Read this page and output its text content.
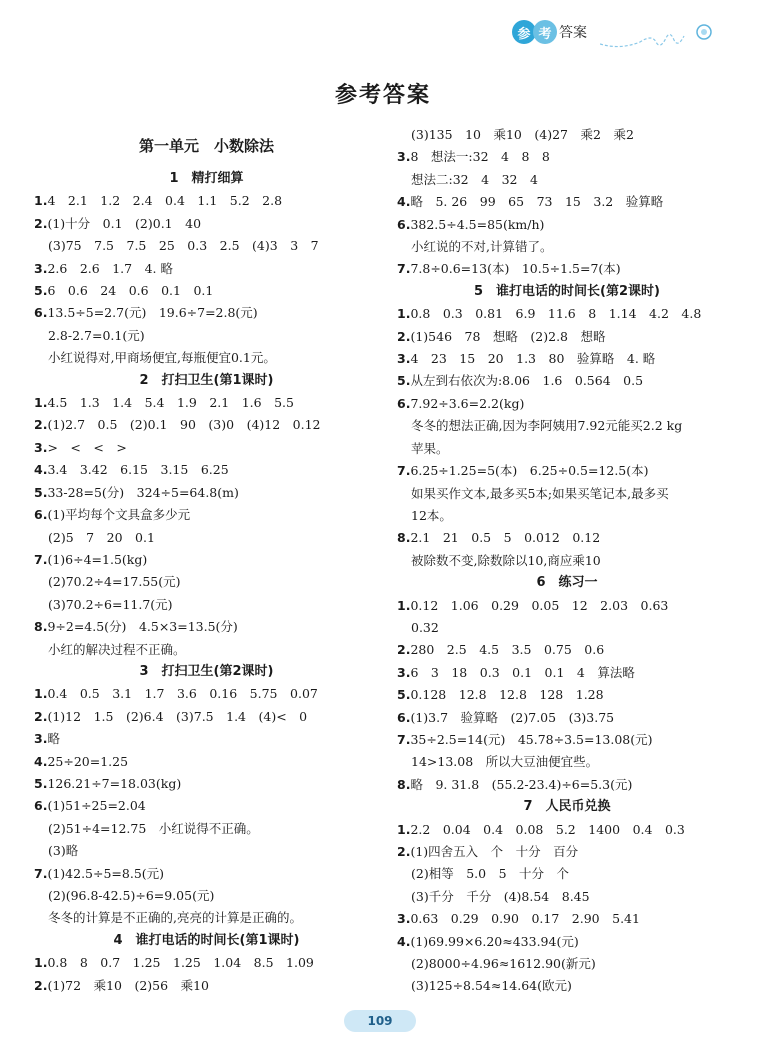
参 考 答案
参考答案
第一单元　小数除法
1　精打细算
1.4　2.1　1.2　2.4　0.4　1.1　5.2　2.8
2.(1)十分　0.1　(2)0.1　40
(3)75　7.5　7.5　25　0.3　2.5　(4)3　3　7
3.2.6　2.6　1.7　4. 略
5.6　0.6　24　0.6　0.1　0.1
6.13.5÷5=2.7(元)　19.6÷7=2.8(元)
2.8-2.7=0.1(元)
小红说得对,甲商场便宜,每瓶便宜0.1元。
2　打扫卫生(第1课时)
1.4.5　1.3　1.4　5.4　1.9　2.1　1.6　5.5
2.(1)2.7　0.5　(2)0.1　90　(3)0　(4)12　0.12
3.>　<　<　>
4.3.4　3.42　6.15　3.15　6.25
5.33-28=5(分)　324÷5=64.8(m)
6.(1)平均每个文具盒多少元
(2)5　7　20　0.1
7.(1)6÷4=1.5(kg)
(2)70.2÷4=17.55(元)
(3)70.2÷6=11.7(元)
8.9÷2=4.5(分)　4.5×3=13.5(分)
小红的解决过程不正确。
3　打扫卫生(第2课时)
1.0.4　0.5　3.1　1.7　3.6　0.16　5.75　0.07
2.(1)12　1.5　(2)6.4　(3)7.5　1.4　(4)<　0
3.略
4.25÷20=1.25
5.126.21÷7=18.03(kg)
6.(1)51÷25=2.04
(2)51÷4=12.75　小红说得不正确。
(3)略
7.(1)42.5÷5=8.5(元)
(2)(96.8-42.5)÷6=9.05(元)
冬冬的计算是不正确的,亮亮的计算是正确的。
4　谁打电话的时间长(第1课时)
1.0.8　8　0.7　1.25　1.25　1.04　8.5　1.09
2.(1)72　乘10　(2)56　乘10
(3)135　10　乘10　(4)27　乘2　乘2
3.8　想法一:32　4　8　8
想法二:32　4　32　4
4.略　5. 26　99　65　73　15　3.2　验算略
6.382.5÷4.5=85(km/h)
小红说的不对,计算错了。
7.7.8÷0.6=13(本)　10.5÷1.5=7(本)
5　谁打电话的时间长(第2课时)
1.0.8　0.3　0.81　6.9　11.6　8　1.14　4.2　4.8
2.(1)546　78　想略　(2)2.8　想略
3.4　23　15　20　1.3　80　验算略　4. 略
5.从左到右依次为:8.06　1.6　0.564　0.5
6.7.92÷3.6=2.2(kg)
冬冬的想法正确,因为李阿姨用7.92元能买2.2 kg
苹果。
7.6.25÷1.25=5(本)　6.25÷0.5=12.5(本)
如果买作文本,最多买5本;如果买笔记本,最多买
12本。
8.2.1　21　0.5　5　0.012　0.12
被除数不变,除数除以10,商应乘10
6　练习一
1.0.12　1.06　0.29　0.05　12　2.03　0.63
0.32
2.280　2.5　4.5　3.5　0.75　0.6
3.6　3　18　0.3　0.1　0.1　4　算法略
5.0.128　12.8　12.8　128　1.28
6.(1)3.7　验算略　(2)7.05　(3)3.75
7.35÷2.5=14(元)　45.78÷3.5=13.08(元)
14>13.08　所以大豆油便宜些。
8.略　9. 31.8　(55.2-23.4)÷6=5.3(元)
7　人民币兑换
1.2.2　0.04　0.4　0.08　5.2　1400　0.4　0.3
2.(1)四舍五入　个　十分　百分
(2)相等　5.0　5　十分　个
(3)千分　千分　(4)8.54　8.45
3.0.63　0.29　0.90　0.17　2.90　5.41
4.(1)69.99×6.20≈433.94(元)
(2)8000÷4.96≈1612.90(新元)
(3)125÷8.54≈14.64(欧元)
109
